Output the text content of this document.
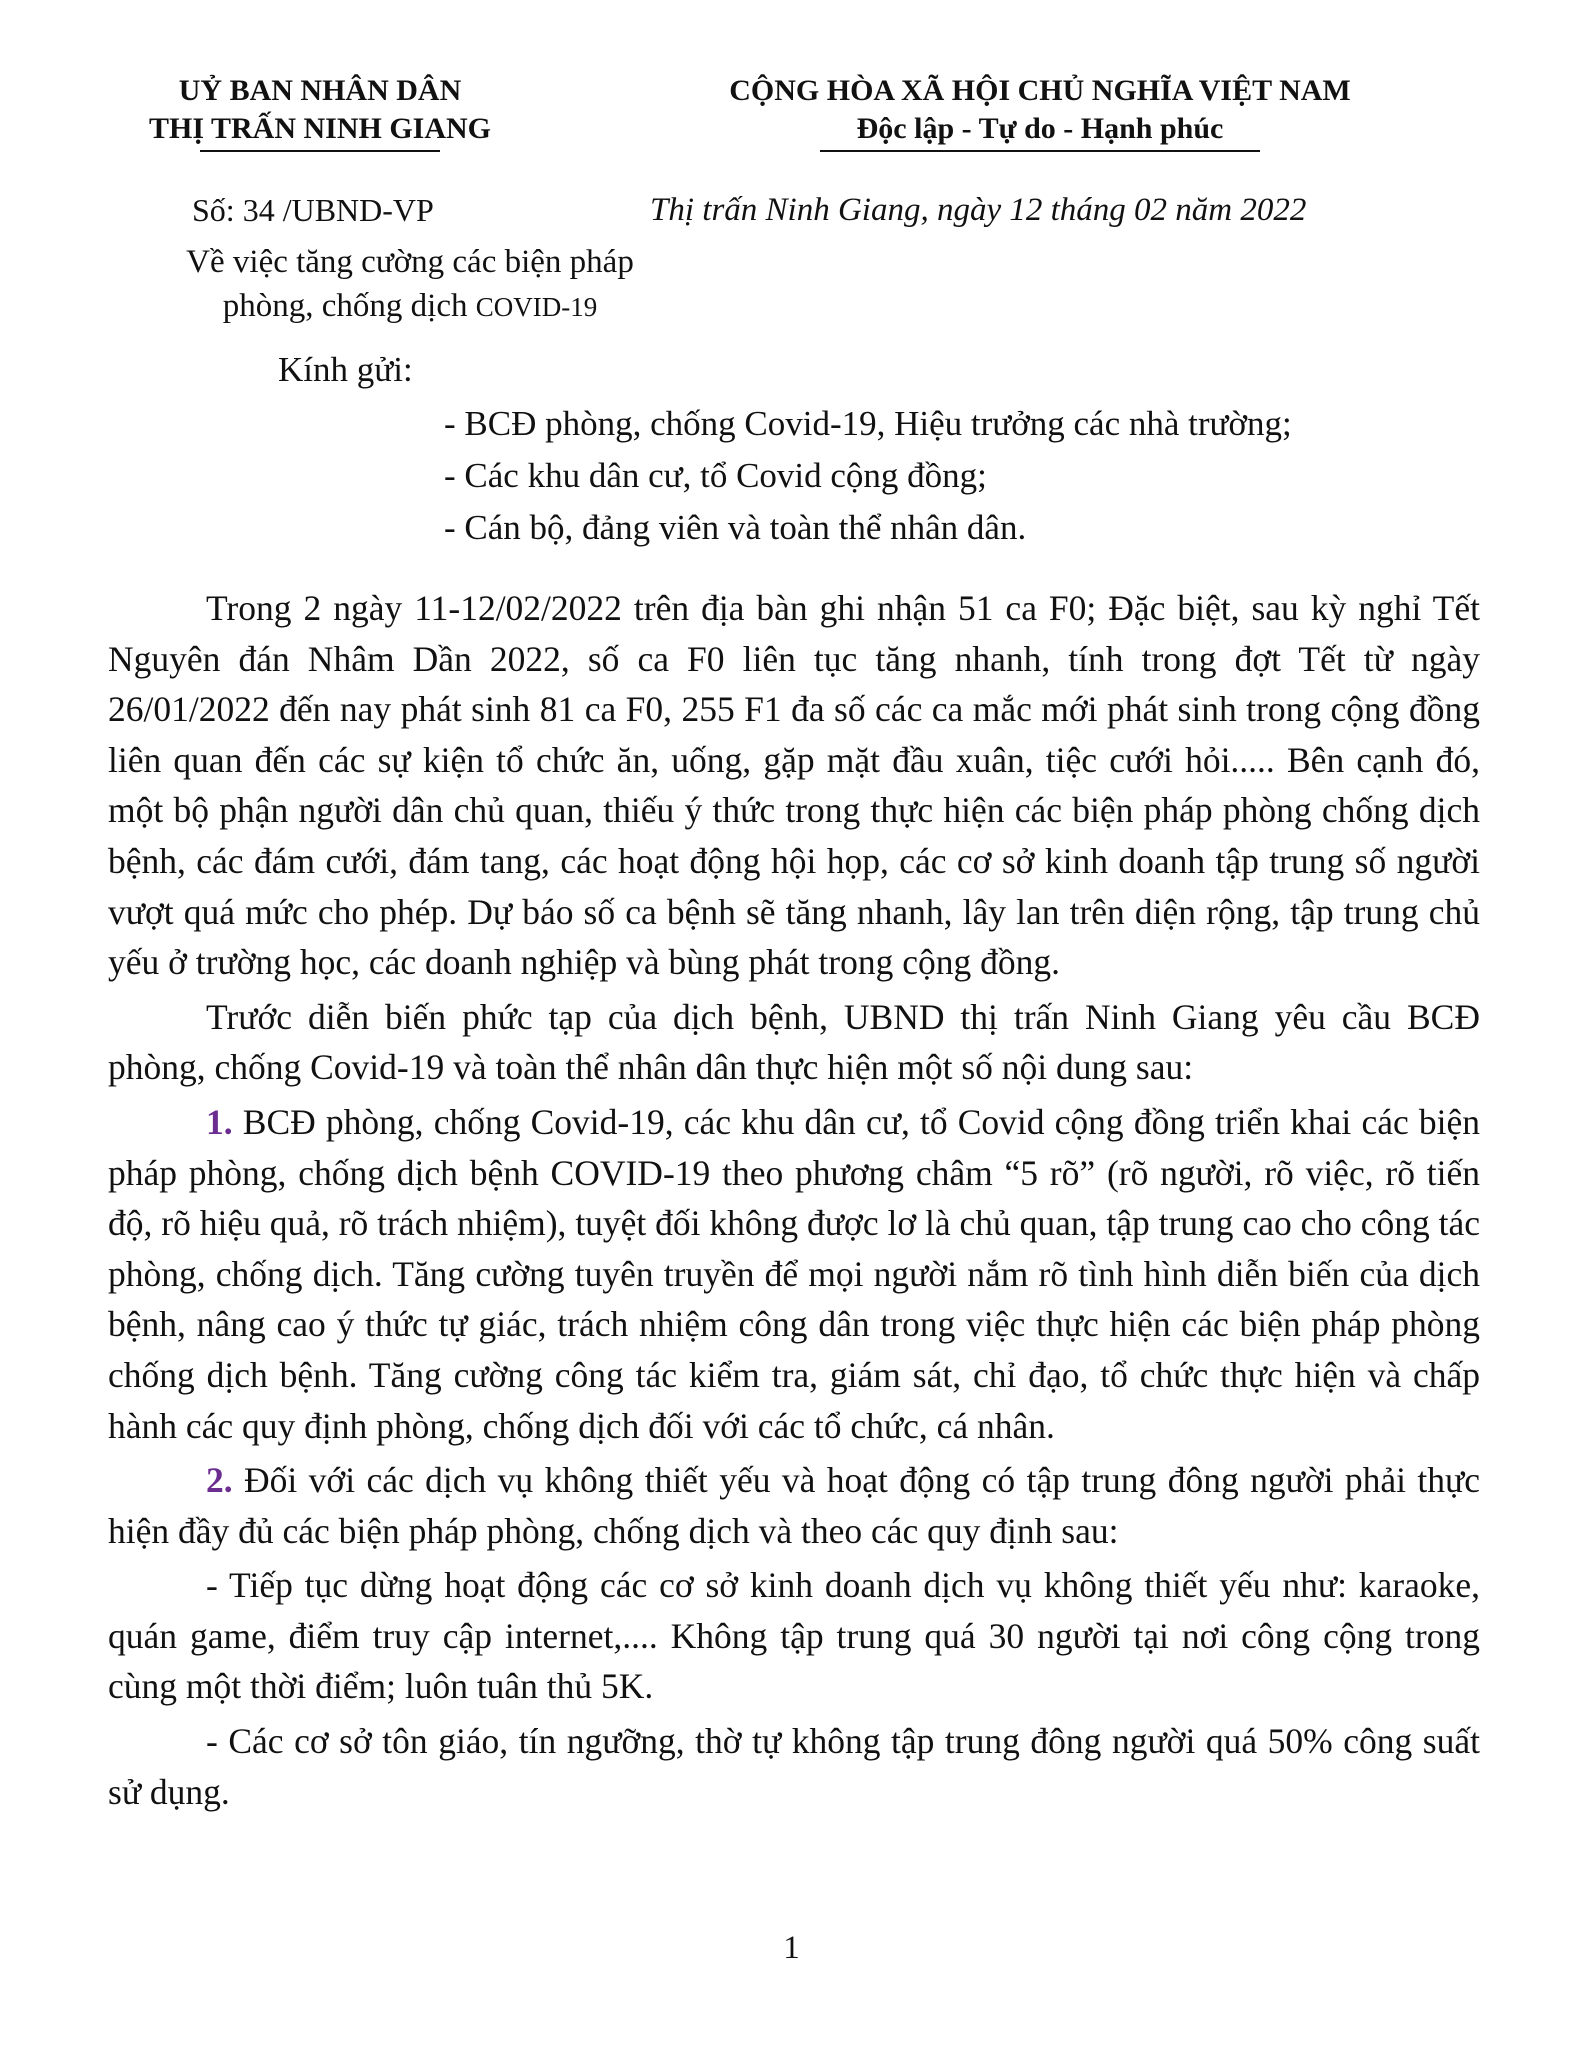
UỶ BAN NHÂN DÂN
THỊ TRẤN NINH GIANG
CỘNG HÒA XÃ HỘI CHỦ NGHĨA VIỆT NAM
Độc lập - Tự do - Hạnh phúc
Số: 34 /UBND-VP	Thị trấn Ninh Giang, ngày 12 tháng 02 năm 2022
Về việc tăng cường các biện pháp
phòng, chống dịch COVID-19
Kính gửi:
- BCĐ phòng, chống Covid-19, Hiệu trưởng các nhà trường;
- Các khu dân cư, tổ Covid cộng đồng;
- Cán bộ, đảng viên và toàn thể nhân dân.

Trong 2 ngày 11-12/02/2022 trên địa bàn ghi nhận 51 ca F0; Đặc biệt, sau kỳ nghỉ Tết Nguyên đán Nhâm Dần 2022, số ca F0 liên tục tăng nhanh, tính trong đợt Tết từ ngày 26/01/2022 đến nay phát sinh 81 ca F0, 255 F1 đa số các ca mắc mới phát sinh trong cộng đồng liên quan đến các sự kiện tổ chức ăn, uống, gặp mặt đầu xuân, tiệc cưới hỏi..... Bên cạnh đó, một bộ phận người dân chủ quan, thiếu ý thức trong thực hiện các biện pháp phòng chống dịch bệnh, các đám cưới, đám tang, các hoạt động hội họp, các cơ sở kinh doanh tập trung số người vượt quá mức cho phép. Dự báo số ca bệnh sẽ tăng nhanh, lây lan trên diện rộng, tập trung chủ yếu ở trường học, các doanh nghiệp và bùng phát trong cộng đồng.

Trước diễn biến phức tạp của dịch bệnh, UBND thị trấn Ninh Giang yêu cầu BCĐ phòng, chống Covid-19 và toàn thể nhân dân thực hiện một số nội dung sau:

1. BCĐ phòng, chống Covid-19, các khu dân cư, tổ Covid cộng đồng triển khai các biện pháp phòng, chống dịch bệnh COVID-19 theo phương châm “5 rõ” (rõ người, rõ việc, rõ tiến độ, rõ hiệu quả, rõ trách nhiệm), tuyệt đối không được lơ là chủ quan, tập trung cao cho công tác phòng, chống dịch. Tăng cường tuyên truyền để mọi người nắm rõ tình hình diễn biến của dịch bệnh, nâng cao ý thức tự giác, trách nhiệm công dân trong việc thực hiện các biện pháp phòng chống dịch bệnh. Tăng cường công tác kiểm tra, giám sát, chỉ đạo, tổ chức thực hiện và chấp hành các quy định phòng, chống dịch đối với các tổ chức, cá nhân.

2. Đối với các dịch vụ không thiết yếu và hoạt động có tập trung đông người phải thực hiện đầy đủ các biện pháp phòng, chống dịch và theo các quy định sau:

- Tiếp tục dừng hoạt động các cơ sở kinh doanh dịch vụ không thiết yếu như: karaoke, quán game, điểm truy cập internet,.... Không tập trung quá 30 người tại nơi công cộng trong cùng một thời điểm; luôn tuân thủ 5K.

- Các cơ sở tôn giáo, tín ngưỡng, thờ tự không tập trung đông người quá 50% công suất sử dụng.

1
